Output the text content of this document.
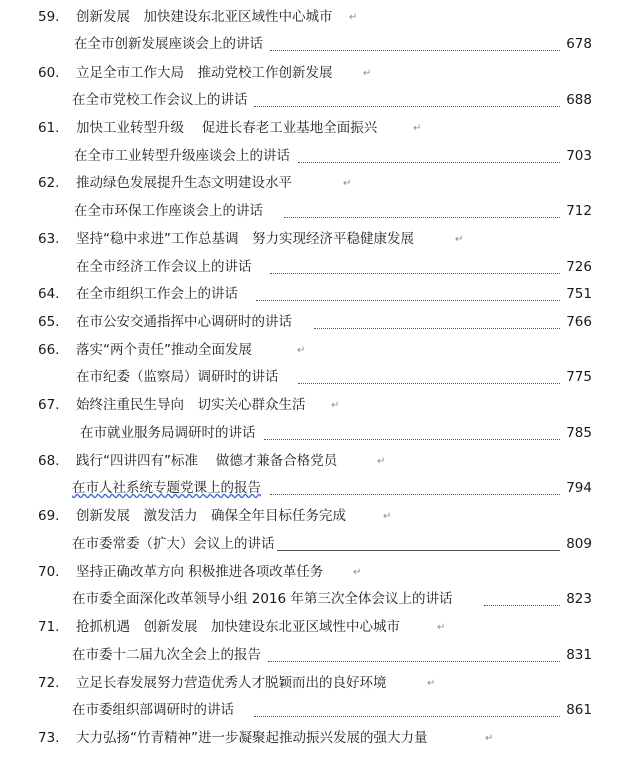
59. 创新发展　加快建设东北亚区域性中心城市 ↵
在全市创新发展座谈会上的讲话	678
60. 立足全市工作大局　推动党校工作创新发展	↵
在全市党校工作会议上的讲话	688
61. 加快工业转型升级　 促进长春老工业基地全面振兴	↵
在全市工业转型升级座谈会上的讲话	703
62. 推动绿色发展提升生态文明建设水平	↵
在全市环保工作座谈会上的讲话	712
63. 坚持“稳中求进”工作总基调　努力实现经济平稳健康发展	↵
在全市经济工作会议上的讲话	726
64. 在全市组织工作会上的讲话	751
65. 在市公安交通指挥中心调研时的讲话	766
66. 落实“两个责任”推动全面发展	↵
在市纪委（监察局）调研时的讲话	775
67. 始终注重民生导向　切实关心群众生活	↵
在市就业服务局调研时的讲话	785
68. 践行“四讲四有”标准　 做德才兼备合格党员	↵
在市人社系统专题党课上的报告	794
69. 创新发展　激发活力　确保全年目标任务完成	↵
在市委常委（扩大）会议上的讲话	809
70. 坚持正确改革方向 积极推进各项改革任务	↵
在市委全面深化改革领导小组 2016 年第三次全体会议上的讲话	823
71. 抢抓机遇　创新发展　加快建设东北亚区域性中心城市	↵
在市委十二届九次全会上的报告	831
72. 立足长春发展努力营造优秀人才脱颖而出的良好环境	↵
在市委组织部调研时的讲话	861
73. 大力弘扬“竹青精神”进一步凝聚起推动振兴发展的强大力量	↵
